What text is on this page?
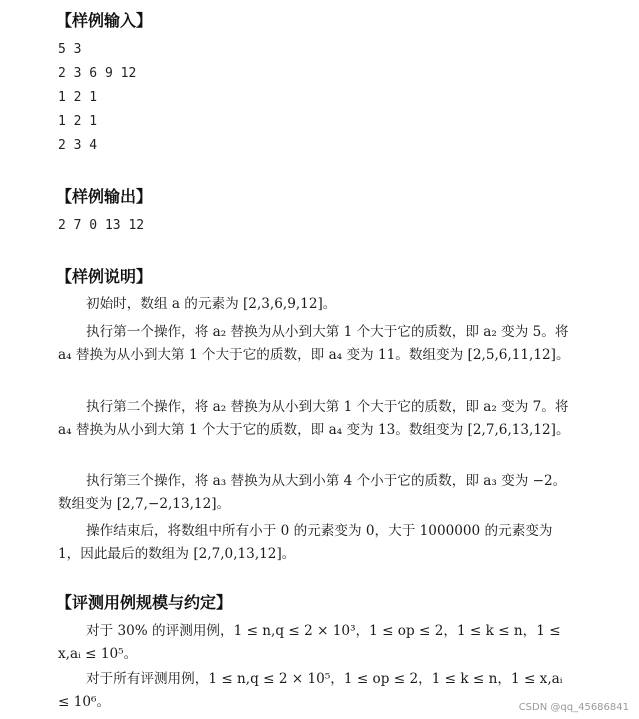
【样例输入】
5 3
2 3 6 9 12
1 2 1
1 2 1
2 3 4
【样例输出】
2 7 0 13 12
【样例说明】
初始时，数组 a 的元素为 [2,3,6,9,12]。
执行第一个操作，将 a₂ 替换为从小到大第 1 个大于它的质数，即 a₂ 变为 5。将 a₄ 替换为从小到大第 1 个大于它的质数，即 a₄ 变为 11。数组变为 [2,5,6,11,12]。
执行第二个操作，将 a₂ 替换为从小到大第 1 个大于它的质数，即 a₂ 变为 7。将 a₄ 替换为从小到大第 1 个大于它的质数，即 a₄ 变为 13。数组变为 [2,7,6,13,12]。
执行第三个操作，将 a₃ 替换为从大到小第 4 个小于它的质数，即 a₃ 变为 −2。数组变为 [2,7,−2,13,12]。
操作结束后，将数组中所有小于 0 的元素变为 0，大于 1000000 的元素变为 1，因此最后的数组为 [2,7,0,13,12]。
【评测用例规模与约定】
对于 30% 的评测用例，1 ≤ n,q ≤ 2 × 10³，1 ≤ op ≤ 2，1 ≤ k ≤ n，1 ≤ x,aᵢ ≤ 10⁵。
对于所有评测用例，1 ≤ n,q ≤ 2 × 10⁵，1 ≤ op ≤ 2，1 ≤ k ≤ n，1 ≤ x,aᵢ ≤ 10⁶。	CSDN @qq_45686841
